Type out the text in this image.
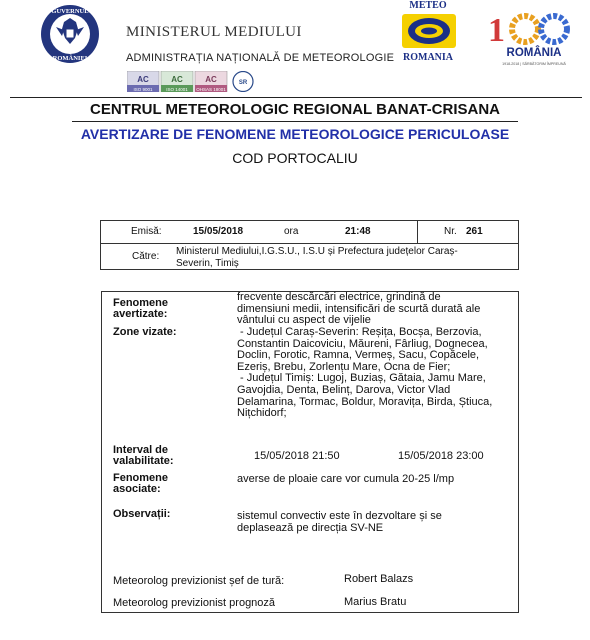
GUVERNUL
ROMÂNIEI
MINISTERUL MEDIULUI
ADMINISTRAȚIA NAȚIONALĂ DE METEOROLOGIE
AC
ISO 9001
AC
ISO 14001
AC
OHSAS 18001
SR
METEO
ROMANIA
1
ROMÂNIA
1918-2018 | SĂRBĂTORIM ÎMPREUNĂ
CENTRUL METEOROLOGIC REGIONAL BANAT-CRISANA
AVERTIZARE DE FENOMENE METEOROLOGICE PERICULOASE
COD PORTOCALIU
Emisă:	15/05/2018	ora	21:48	Nr. 261
Către: Ministerul Mediului,I.G.S.U., I.S.U și Prefectura județelor Caraș-
Severin, Timiș
Fenomene
avertizate:
frecvente descărcări electrice, grindină de
dimensiuni medii, intensificări de scurtă durată ale
vântului cu aspect de vijelie
Zone vizate:	- Județul Caraș-Severin: Reșița, Bocșa, Berzovia,
Constantin Daicoviciu, Măureni, Fârliug, Dognecea,
Doclin, Forotic, Ramna, Vermeș, Sacu, Copăcele,
Ezeriș, Brebu, Zorlențu Mare, Ocna de Fier;
- Județul Timiș: Lugoj, Buziaș, Gătaia, Jamu Mare,
Gavojdia, Denta, Belinț, Darova, Victor Vlad
Delamarina, Tormac, Boldur, Moravița, Birda, Știuca,
Nițchidorf;
Interval de
valabilitate:	15/05/2018 21:50	15/05/2018 23:00
Fenomene
asociate:
averse de ploaie care vor cumula 20-25 l/mp
Observații:	sistemul convectiv este în dezvoltare și se
deplasează pe direcția SV-NE
Meteorolog previzionist șef de tură:	Robert Balazs
Meteorolog previzionist prognoză	Marius Bratu
